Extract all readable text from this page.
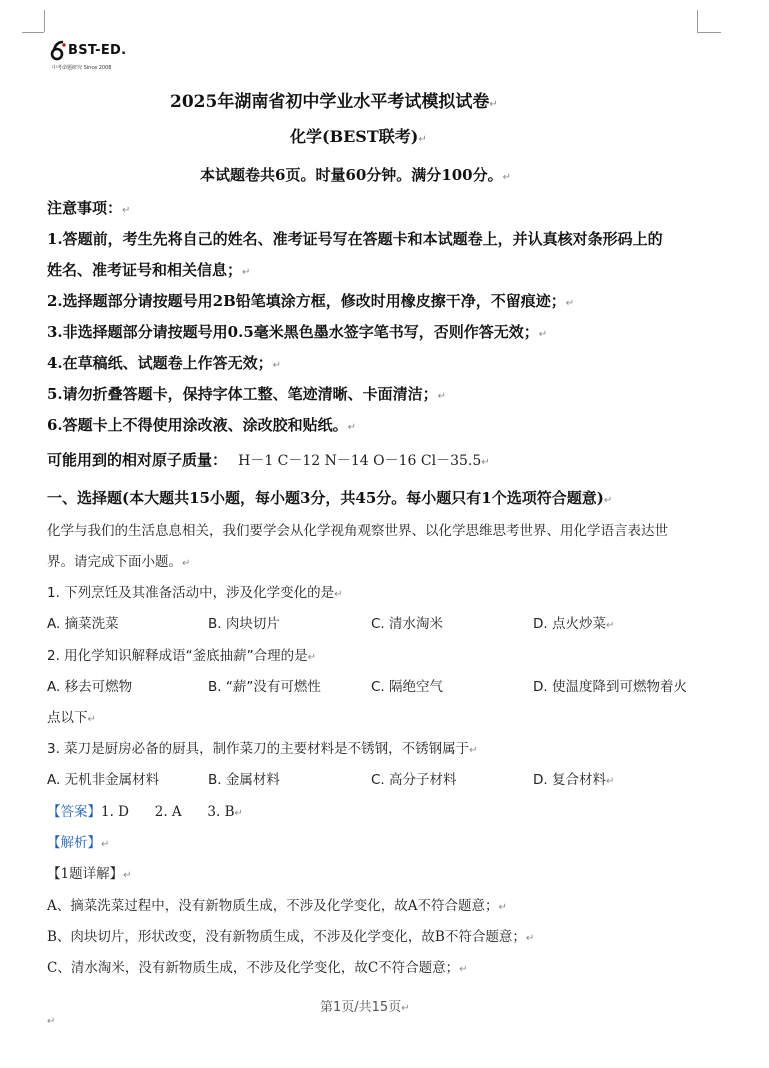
BST-ED.
中考命题研究 Since 2008
2025年湖南省初中学业水平考试模拟试卷↵
化学(BEST联考)↵
本试题卷共6页。时量60分钟。满分100分。↵
注意事项：↵
1.答题前，考生先将自己的姓名、准考证号写在答题卡和本试题卷上，并认真核对条形码上的
姓名、准考证号和相关信息；↵
2.选择题部分请按题号用2B铅笔填涂方框，修改时用橡皮擦干净，不留痕迹；↵
3.非选择题部分请按题号用0.5毫米黑色墨水签字笔书写，否则作答无效；↵
4.在草稿纸、试题卷上作答无效；↵
5.请勿折叠答题卡，保持字体工整、笔迹清晰、卡面清洁；↵
6.答题卡上不得使用涂改液、涂改胶和贴纸。↵
可能用到的相对原子质量： H－1 C－12 N－14 O－16 Cl－35.5↵
一、选择题(本大题共15小题，每小题3分，共45分。每小题只有1个选项符合题意)↵
化学与我们的生活息息相关，我们要学会从化学视角观察世界、以化学思维思考世界、用化学语言表达世
界。请完成下面小题。↵
1. 下列烹饪及其准备活动中，涉及化学变化的是↵
A. 摘菜洗菜	B. 肉块切片	C. 清水淘米	D. 点火炒菜↵
2. 用化学知识解释成语“釜底抽薪”合理的是↵
A. 移去可燃物	B. “薪”没有可燃性	C. 隔绝空气	D. 使温度降到可燃物着火
点以下↵
3. 菜刀是厨房必备的厨具，制作菜刀的主要材料是不锈钢，不锈钢属于↵
A. 无机非金属材料	B. 金属材料	C. 高分子材料	D. 复合材料↵
【答案】1. D      2. A      3. B↵
【解析】↵
【1题详解】↵
A、摘菜洗菜过程中，没有新物质生成，不涉及化学变化，故A不符合题意；↵
B、肉块切片，形状改变，没有新物质生成，不涉及化学变化，故B不符合题意；↵
C、清水淘米，没有新物质生成，不涉及化学变化，故C不符合题意；↵
第1页/共15页↵
↵
